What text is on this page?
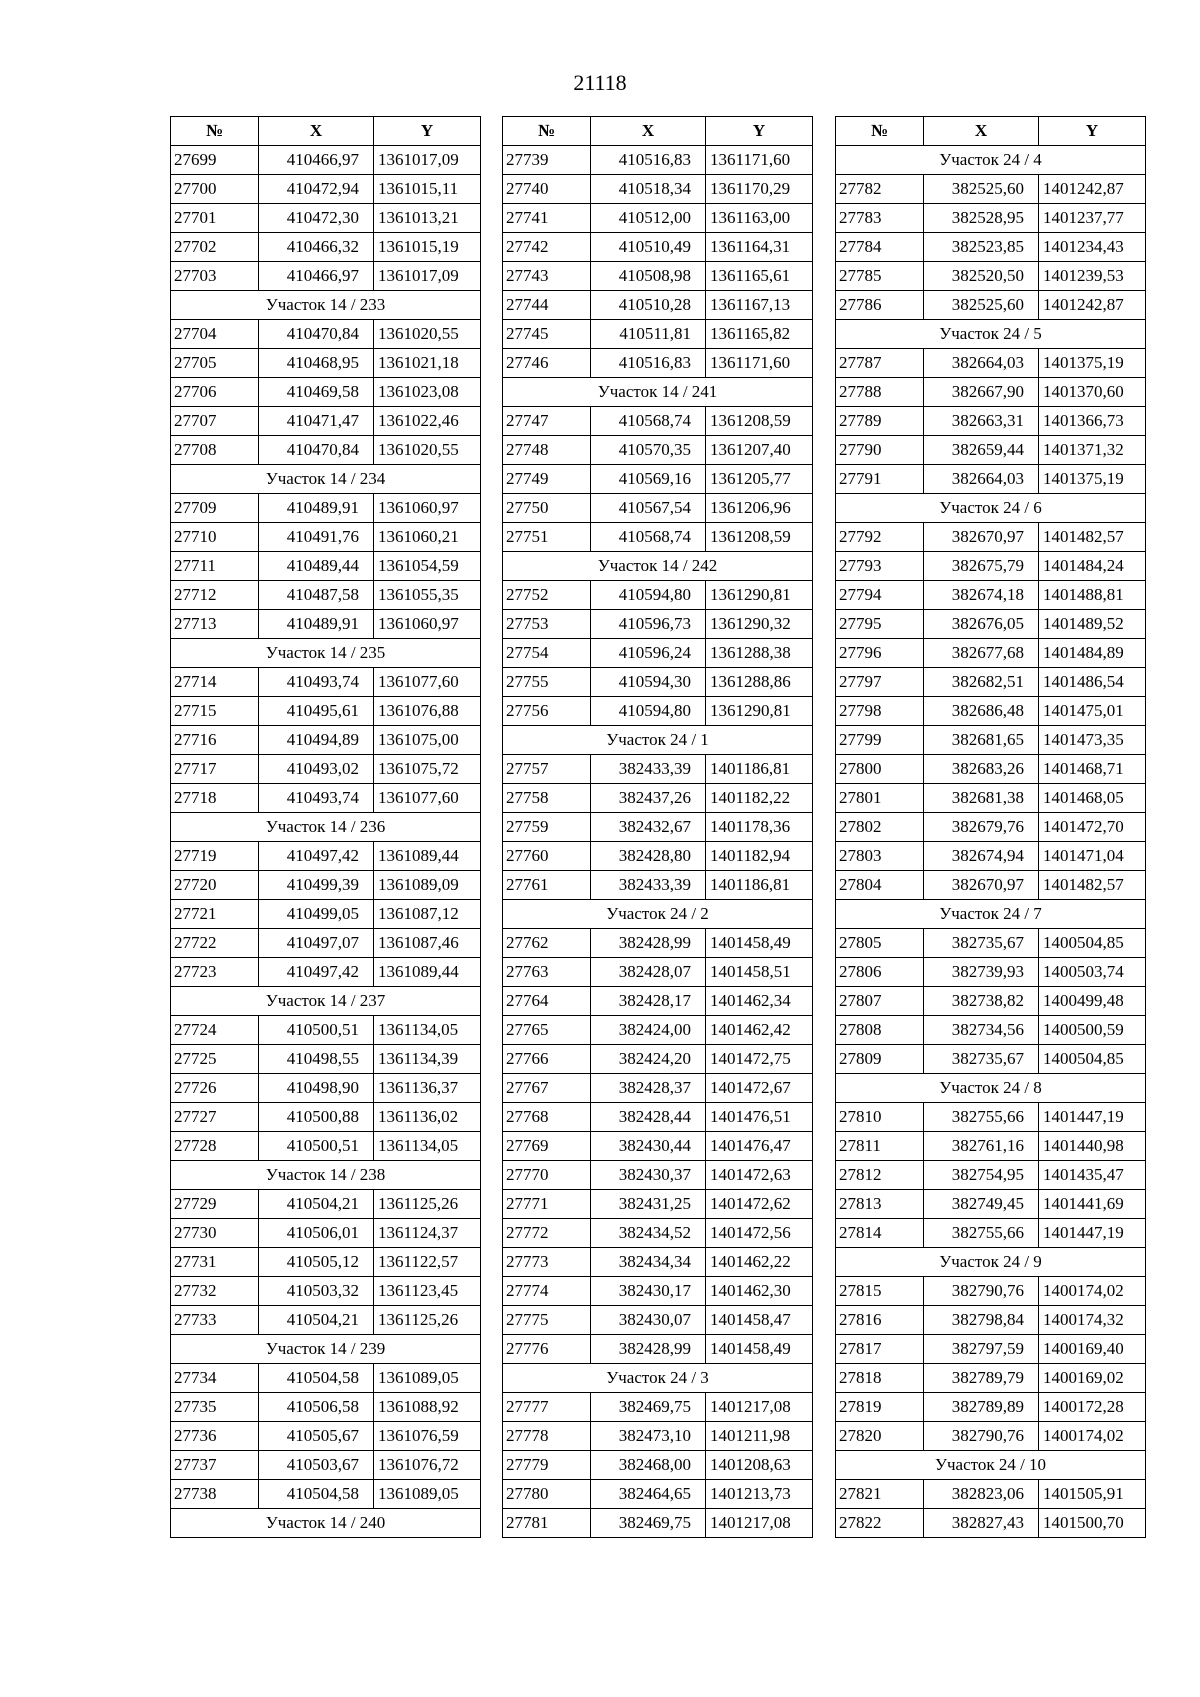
21118
№	X	Y
27699	410466,97	1361017,09
27700	410472,94	1361015,11
27701	410472,30	1361013,21
27702	410466,32	1361015,19
27703	410466,97	1361017,09
Участок 14 / 233		
27704	410470,84	1361020,55
27705	410468,95	1361021,18
27706	410469,58	1361023,08
27707	410471,47	1361022,46
27708	410470,84	1361020,55
Участок 14 / 234		
27709	410489,91	1361060,97
27710	410491,76	1361060,21
27711	410489,44	1361054,59
27712	410487,58	1361055,35
27713	410489,91	1361060,97
Участок 14 / 235		
27714	410493,74	1361077,60
27715	410495,61	1361076,88
27716	410494,89	1361075,00
27717	410493,02	1361075,72
27718	410493,74	1361077,60
Участок 14 / 236		
27719	410497,42	1361089,44
27720	410499,39	1361089,09
27721	410499,05	1361087,12
27722	410497,07	1361087,46
27723	410497,42	1361089,44
Участок 14 / 237		
27724	410500,51	1361134,05
27725	410498,55	1361134,39
27726	410498,90	1361136,37
27727	410500,88	1361136,02
27728	410500,51	1361134,05
Участок 14 / 238		
27729	410504,21	1361125,26
27730	410506,01	1361124,37
27731	410505,12	1361122,57
27732	410503,32	1361123,45
27733	410504,21	1361125,26
Участок 14 / 239		
27734	410504,58	1361089,05
27735	410506,58	1361088,92
27736	410505,67	1361076,59
27737	410503,67	1361076,72
27738	410504,58	1361089,05
Участок 14 / 240		
№	X	Y
27739	410516,83	1361171,60
27740	410518,34	1361170,29
27741	410512,00	1361163,00
27742	410510,49	1361164,31
27743	410508,98	1361165,61
27744	410510,28	1361167,13
27745	410511,81	1361165,82
27746	410516,83	1361171,60
Участок 14 / 241		
27747	410568,74	1361208,59
27748	410570,35	1361207,40
27749	410569,16	1361205,77
27750	410567,54	1361206,96
27751	410568,74	1361208,59
Участок 14 / 242		
27752	410594,80	1361290,81
27753	410596,73	1361290,32
27754	410596,24	1361288,38
27755	410594,30	1361288,86
27756	410594,80	1361290,81
Участок 24 / 1		
27757	382433,39	1401186,81
27758	382437,26	1401182,22
27759	382432,67	1401178,36
27760	382428,80	1401182,94
27761	382433,39	1401186,81
Участок 24 / 2		
27762	382428,99	1401458,49
27763	382428,07	1401458,51
27764	382428,17	1401462,34
27765	382424,00	1401462,42
27766	382424,20	1401472,75
27767	382428,37	1401472,67
27768	382428,44	1401476,51
27769	382430,44	1401476,47
27770	382430,37	1401472,63
27771	382431,25	1401472,62
27772	382434,52	1401472,56
27773	382434,34	1401462,22
27774	382430,17	1401462,30
27775	382430,07	1401458,47
27776	382428,99	1401458,49
Участок 24 / 3		
27777	382469,75	1401217,08
27778	382473,10	1401211,98
27779	382468,00	1401208,63
27780	382464,65	1401213,73
27781	382469,75	1401217,08
№	X	Y
Участок 24 / 4		
27782	382525,60	1401242,87
27783	382528,95	1401237,77
27784	382523,85	1401234,43
27785	382520,50	1401239,53
27786	382525,60	1401242,87
Участок 24 / 5		
27787	382664,03	1401375,19
27788	382667,90	1401370,60
27789	382663,31	1401366,73
27790	382659,44	1401371,32
27791	382664,03	1401375,19
Участок 24 / 6		
27792	382670,97	1401482,57
27793	382675,79	1401484,24
27794	382674,18	1401488,81
27795	382676,05	1401489,52
27796	382677,68	1401484,89
27797	382682,51	1401486,54
27798	382686,48	1401475,01
27799	382681,65	1401473,35
27800	382683,26	1401468,71
27801	382681,38	1401468,05
27802	382679,76	1401472,70
27803	382674,94	1401471,04
27804	382670,97	1401482,57
Участок 24 / 7		
27805	382735,67	1400504,85
27806	382739,93	1400503,74
27807	382738,82	1400499,48
27808	382734,56	1400500,59
27809	382735,67	1400504,85
Участок 24 / 8		
27810	382755,66	1401447,19
27811	382761,16	1401440,98
27812	382754,95	1401435,47
27813	382749,45	1401441,69
27814	382755,66	1401447,19
Участок 24 / 9		
27815	382790,76	1400174,02
27816	382798,84	1400174,32
27817	382797,59	1400169,40
27818	382789,79	1400169,02
27819	382789,89	1400172,28
27820	382790,76	1400174,02
Участок 24 / 10		
27821	382823,06	1401505,91
27822	382827,43	1401500,70
